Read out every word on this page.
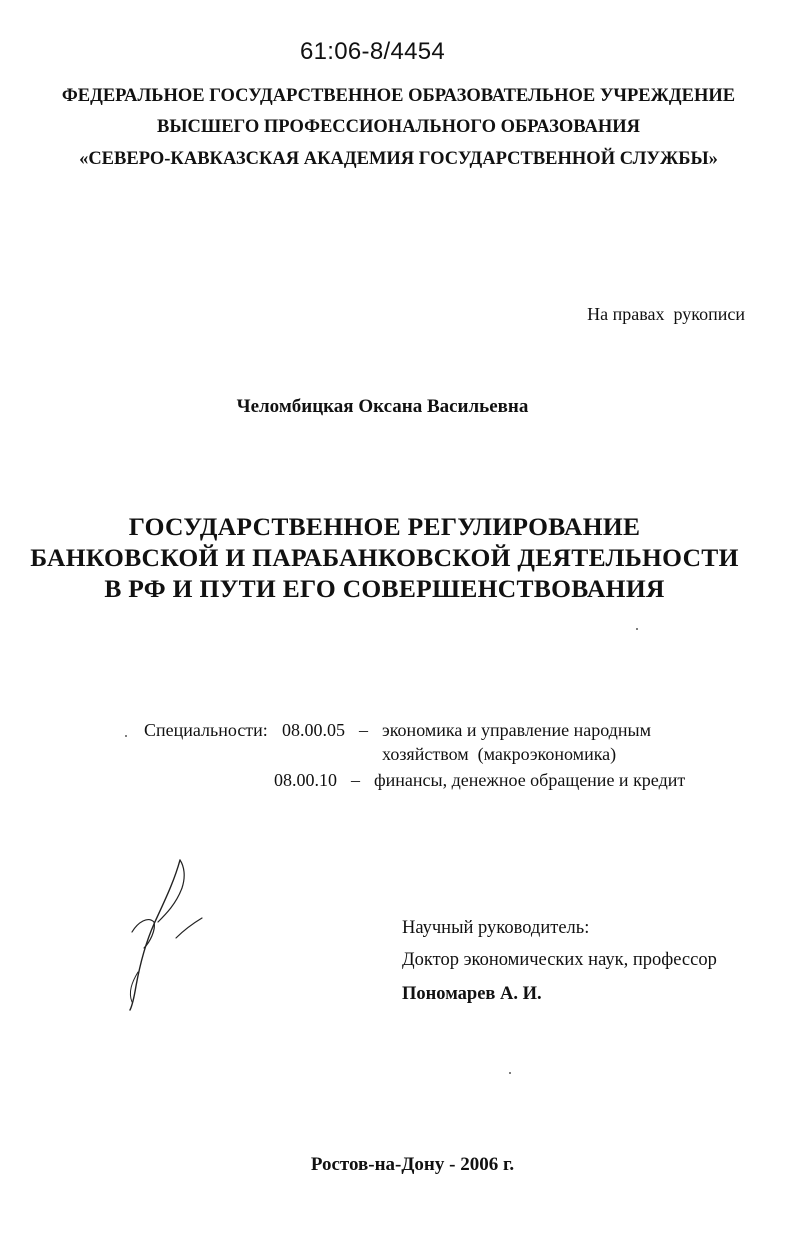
61:06-8/4454
ФЕДЕРАЛЬНОЕ ГОСУДАРСТВЕННОЕ ОБРАЗОВАТЕЛЬНОЕ УЧРЕЖДЕНИЕ
ВЫСШЕГО ПРОФЕССИОНАЛЬНОГО ОБРАЗОВАНИЯ
«СЕВЕРО-КАВКАЗСКАЯ АКАДЕМИЯ ГОСУДАРСТВЕННОЙ СЛУЖБЫ»
На правах  рукописи
Челомбицкая Оксана Васильевна
ГОСУДАРСТВЕННОЕ РЕГУЛИРОВАНИЕ
БАНКОВСКОЙ И ПАРАБАНКОВСКОЙ ДЕЯТЕЛЬНОСТИ
В РФ И ПУТИ ЕГО СОВЕРШЕНСТВОВАНИЯ
Специальности: 08.00.05 – экономика и управление народным
хозяйством  (макроэкономика)
08.00.10 – финансы, денежное обращение и кредит
Научный руководитель:
Доктор экономических наук, профессор
Пономарев А. И.
Ростов-на-Дону - 2006 г.
